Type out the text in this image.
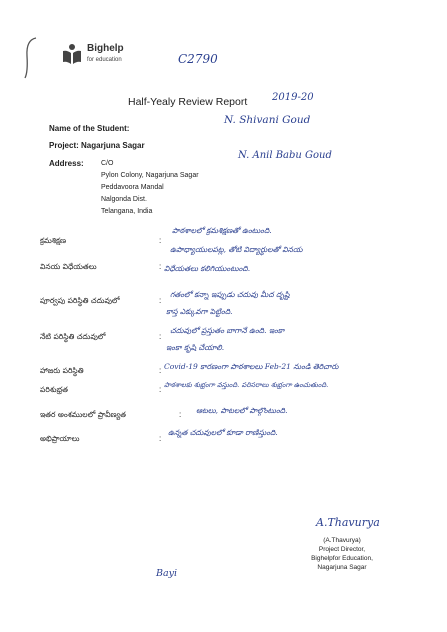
Bighelp
for education	C2790
Half-Yealy Review Report 2019-20
Name of the Student:
N. Shivani Goud
Project: Nagarjuna Sagar
Address: C/O
Pylon Colony, Nagarjuna Sagar
Peddavoora Mandal
Nalgonda Dist.
Telangana, India
N. Anil Babu Goud
క్రమశిక్షణ	:
పాఠశాలలో క్రమశిక్షణతో ఉంటుంది.
వినయ విధేయతలు	:
ఉపాధ్యాయులపట్ల, తోటి విద్యార్థులతో వినయ
విధేయతలు కలిగియుంటుంది.
పూర్వపు పరిస్థితి చదువులో	:
గతంలో కన్నా ఇప్పుడు చదువు మీద దృష్టి
కాస్త ఎక్కువగా పెట్టింది.
నేటి పరిస్థితి చదువులో	:
చదువులో ప్రస్తుతం బాగానే ఉంది. ఇంకా
ఇంకా కృషి చేయాలి.
హాజరు పరిస్థితి	: Covid-19 కారణంగా పాఠశాలలు Feb-21 నుండి తెరిచారు
పరిశుభ్రత	: పాఠశాలకు శుభ్రంగా వస్తుంది. పరిసరాలు శుభ్రంగా ఉంచుతుంది.
ఇతర అంశములలో ప్రావీణ్యత	: ఆటలు, పాటలలో పాల్గొంటుంది.
అభిప్రాయాలు	:
ఉన్నత చదువులలో కూడా రాణిస్తుంది.
A.Thavurya
(A.Thavurya)
Project Director,
Bighelpfor Education,
Nagarjuna Sagar
Bayi
